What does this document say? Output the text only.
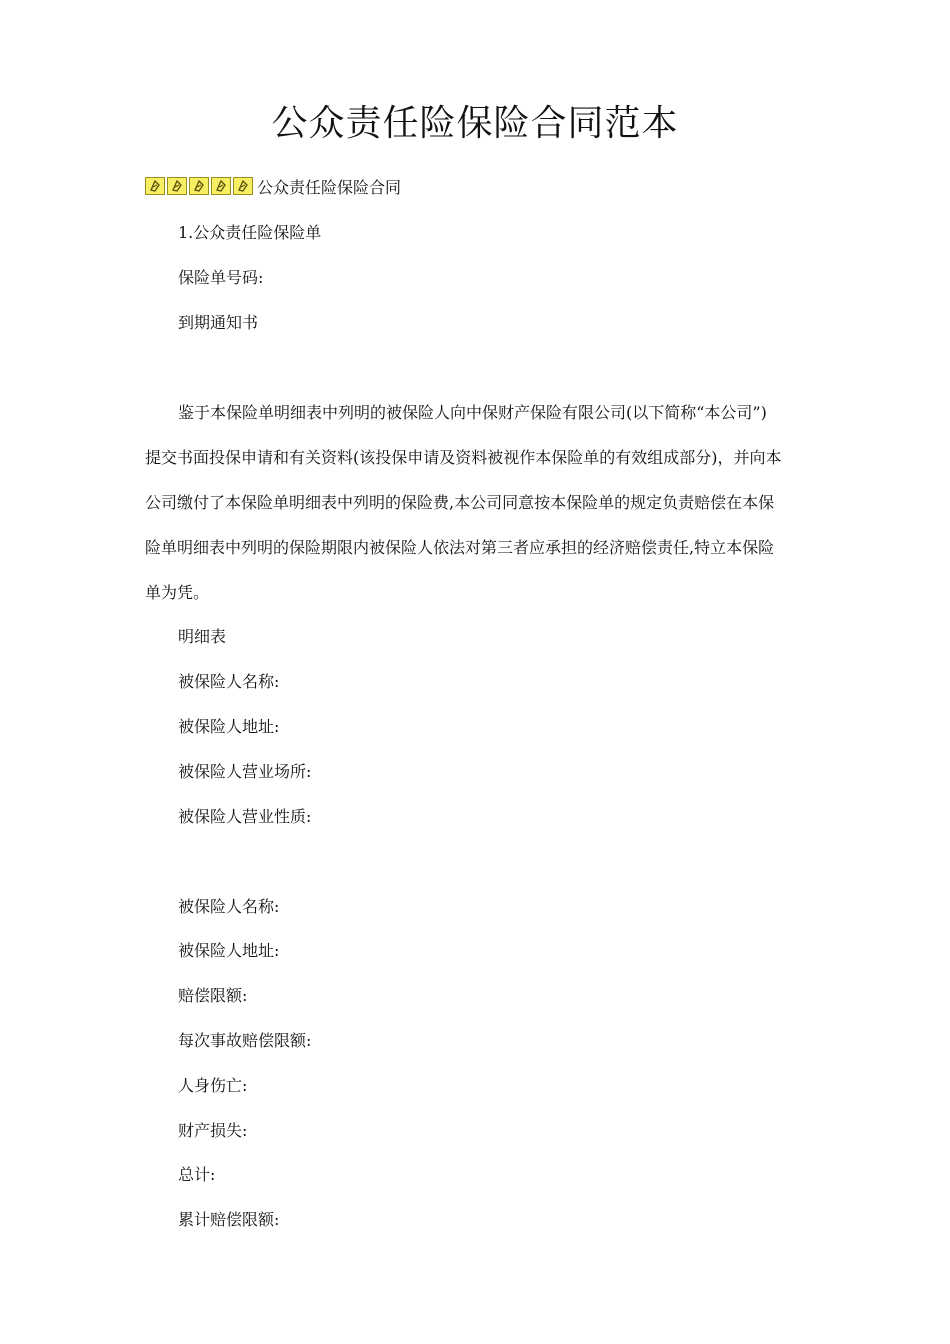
公众责任险保险合同范本
公众责任险保险合同
1.公众责任险保险单
保险单号码:
到期通知书
鉴于本保险单明细表中列明的被保险人向中保财产保险有限公司(以下简称“本公司”)
提交书面投保申请和有关资料(该投保申请及资料被视作本保险单的有效组成部分)，并向本
公司缴付了本保险单明细表中列明的保险费,本公司同意按本保险单的规定负责赔偿在本保
险单明细表中列明的保险期限内被保险人依法对第三者应承担的经济赔偿责任,特立本保险
单为凭。
明细表
被保险人名称:
被保险人地址:
被保险人营业场所:
被保险人营业性质:
被保险人名称:
被保险人地址:
赔偿限额:
每次事故赔偿限额:
人身伤亡:
财产损失:
总计:
累计赔偿限额:
